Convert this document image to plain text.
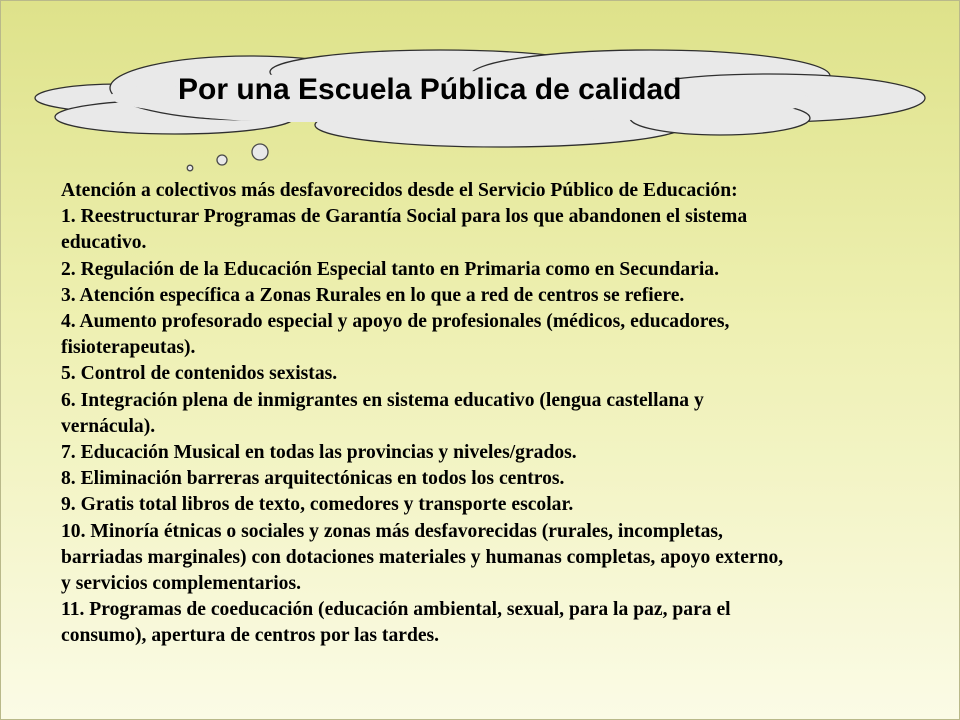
Por una Escuela Pública de calidad
Atención a colectivos más desfavorecidos desde el Servicio Público de Educación:
1. Reestructurar Programas de Garantía Social para los que abandonen el sistema
educativo.
2. Regulación de la Educación Especial tanto en Primaria como en Secundaria.
3. Atención específica a Zonas Rurales en lo que a red de centros se refiere.
4. Aumento profesorado especial y apoyo de profesionales (médicos, educadores,
fisioterapeutas).
5. Control de contenidos sexistas.
6. Integración plena de inmigrantes en sistema educativo (lengua castellana y
vernácula).
7. Educación Musical en todas las provincias y niveles/grados.
8. Eliminación barreras arquitectónicas en todos los centros.
9. Gratis total libros de texto, comedores y transporte escolar.
10. Minoría étnicas o sociales y zonas más desfavorecidas (rurales, incompletas,
barriadas marginales) con dotaciones materiales y humanas completas, apoyo externo,
y servicios complementarios.
11. Programas de coeducación (educación ambiental, sexual, para la paz, para el
consumo), apertura de centros por las tardes.
